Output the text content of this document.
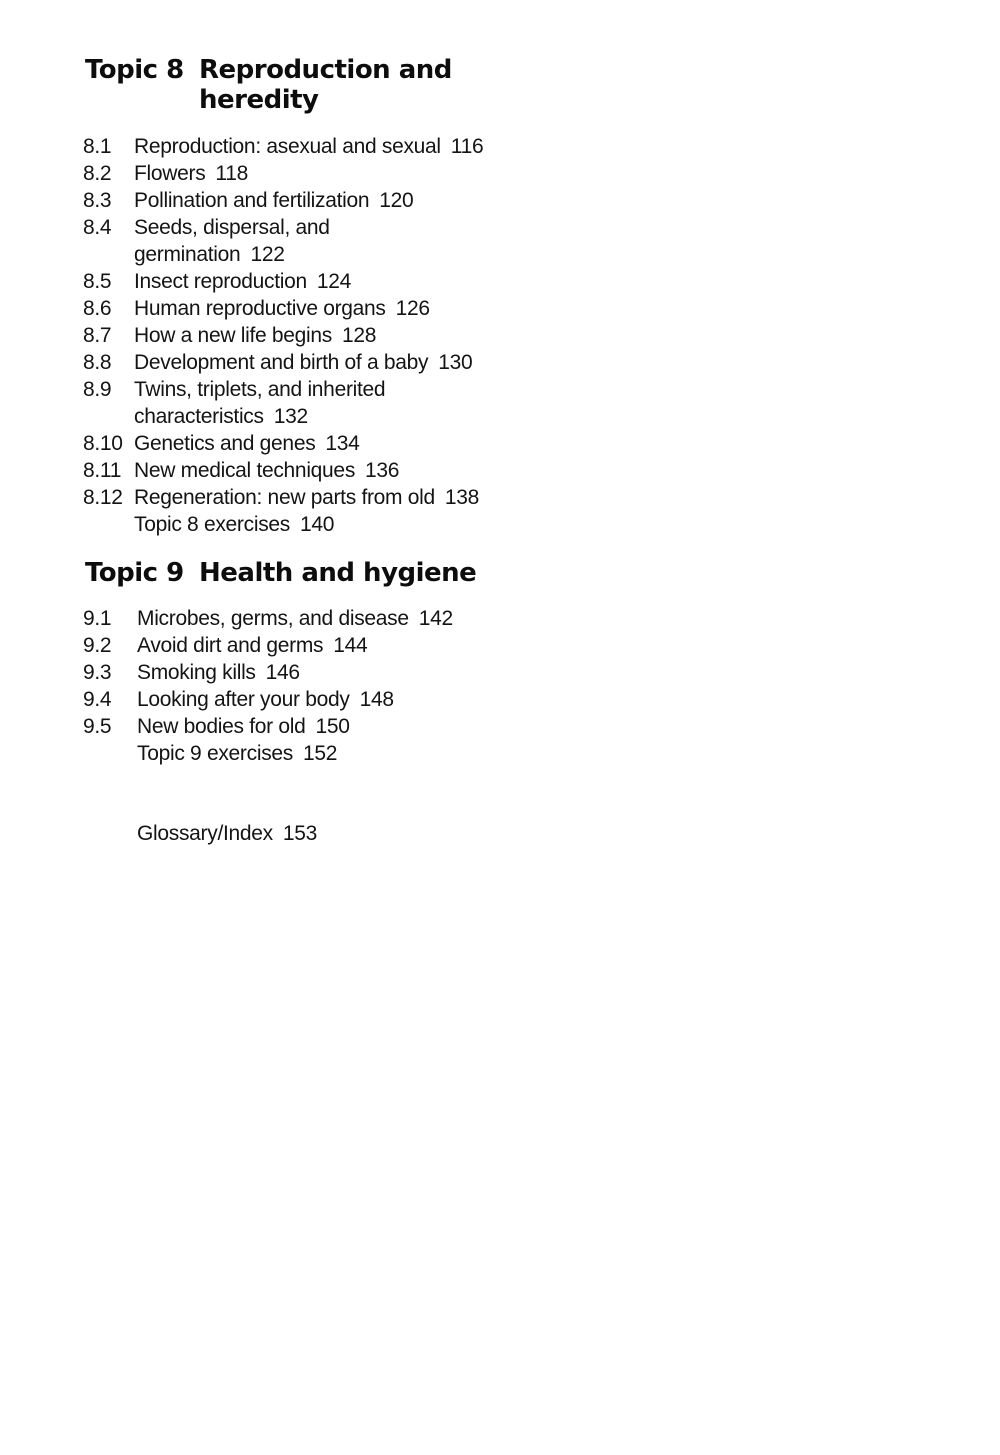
Topic 8 Reproduction and heredity
8.1	Reproduction: asexual and sexual 116
8.2	Flowers 118
8.3	Pollination and fertilization 120
8.4	Seeds, dispersal, and germination 122
8.5	Insect reproduction 124
8.6	Human reproductive organs 126
8.7	How a new life begins 128
8.8	Development and birth of a baby 130
8.9	Twins, triplets, and inherited characteristics 132
8.10 Genetics and genes 134
8.11 New medical techniques 136
8.12 Regeneration: new parts from old 138
Topic 8 exercises 140
Topic 9 Health and hygiene
9.1	Microbes, germs, and disease 142
9.2	Avoid dirt and germs 144
9.3	Smoking kills 146
9.4	Looking after your body 148
9.5	New bodies for old 150
Topic 9 exercises 152
Glossary/Index 153
